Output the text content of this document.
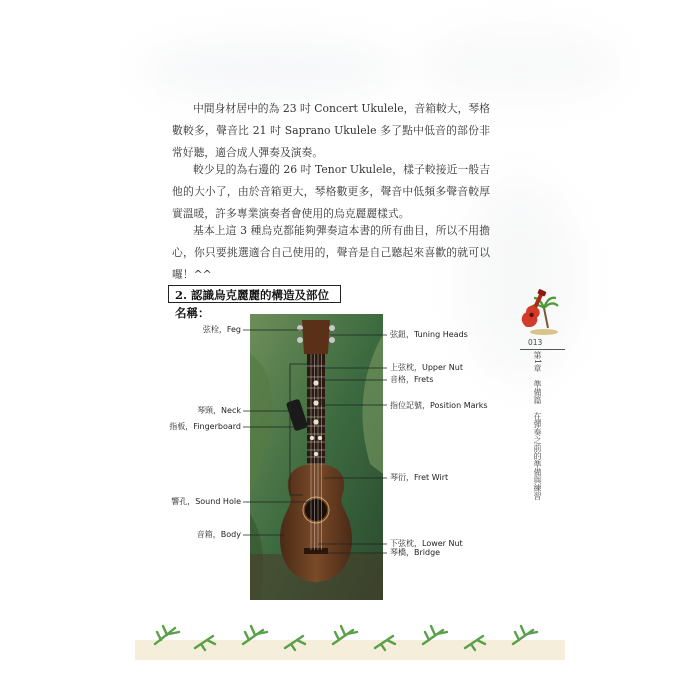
中間身材居中的為 23 吋 Concert Ukulele，音箱較大，琴格數較多，聲音比 21 吋 Saprano Ukulele 多了點中低音的部份非常好聽，適合成人彈奏及演奏。

較少見的為右邊的 26 吋 Tenor Ukulele，樣子較接近一般吉他的大小了，由於音箱更大，琴格數更多，聲音中低頻多聲音較厚實溫暖，許多專業演奏者會使用的烏克麗麗樣式。

基本上這 3 種烏克都能夠彈奏這本書的所有曲目，所以不用擔心，你只要挑選適合自己使用的，聲音是自己聽起來喜歡的就可以囉！^^

2. 認識烏克麗麗的構造及部位名稱：
弦栓，Feg
琴頸，Neck
指板，Fingerboard
響孔，Sound Hole
音箱，Body
弦鈕，Tuning Heads
上弦枕，Upper Nut
音格，Frets
指位記號，Position Marks
琴衍，Fret Wirt
下弦枕，Lower Nut
琴橋，Bridge
013
第1章　準備篇　在彈奏之前的準備與練習
